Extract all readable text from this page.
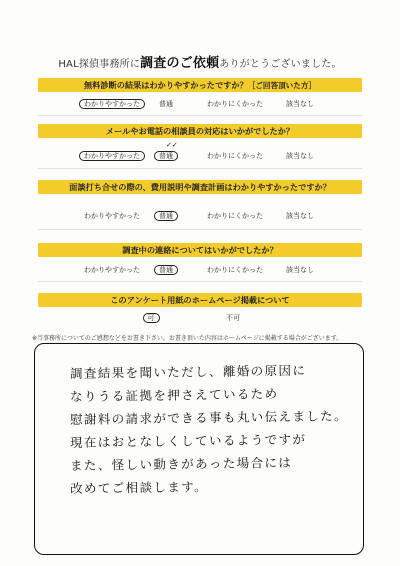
HAL探偵事務所に調査のご依頼ありがとうございました。
無料診断の結果はわかりやすかったですか？［ご回答頂いた方］
わかりやすかった	普通	わかりにくかった	該当なし
メールやお電話の相談員の対応はいかがでしたか？
わかりやすかった	普通
✓✓
わかりにくかった	該当なし
面談打ち合せの際の、費用説明や調査計画はわかりやすかったですか？
わかりやすかった	普通	わかりにくかった	該当なし
調査中の連絡についてはいかがでしたか？
わかりやすかった	普通	わかりにくかった	該当なし
このアンケート用紙のホームページ掲載について
可	不可
※当事務所についてのご感想などをお書き下さい。お書き頂いた内容はホームページに掲載する場合がございます。
調査結果を聞いただし、離婚の原因に
なりうる証拠を押さえているため
慰謝料の請求ができる事も丸い伝えました。
現在はおとなしくしているようですが
また、怪しい動きがあった場合には
改めてご相談します。
